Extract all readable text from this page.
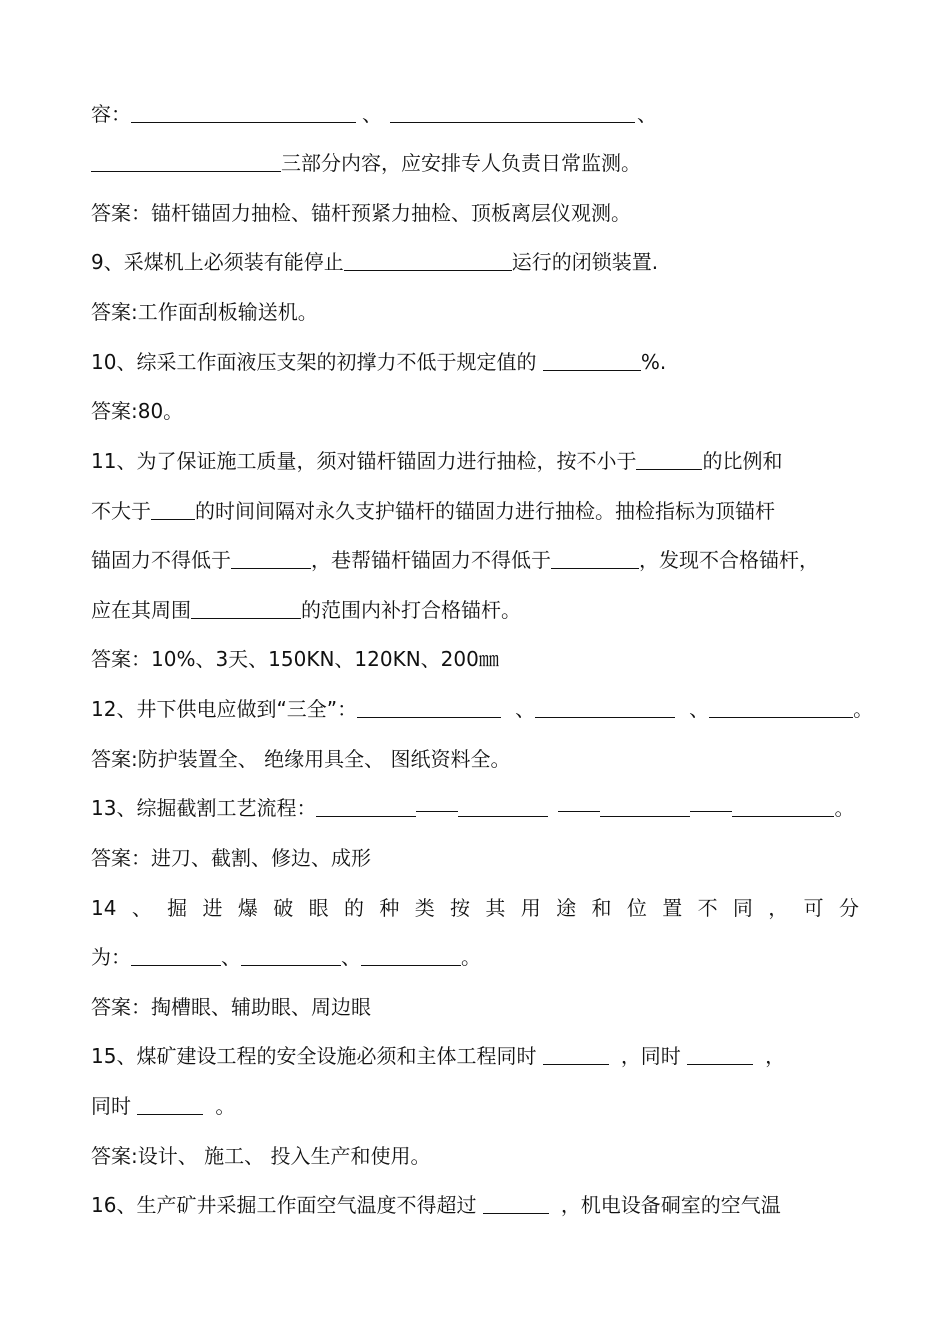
容：	、	、
三部分内容，应安排专人负责日常监测。
答案：锚杆锚固力抽检、锚杆预紧力抽检、顶板离层仪观测。
9、采煤机上必须装有能停止	运行的闭锁装置.
答案:工作面刮板输送机。
10、综采工作面液压支架的初撑力不低于规定值的	%.
答案:80。
11、为了保证施工质量，须对锚杆锚固力进行抽检，按不小于	的比例和
不大于 的时间间隔对永久支护锚杆的锚固力进行抽检。抽检指标为顶锚杆
锚固力不得低于	，巷帮锚杆锚固力不得低于	，发现不合格锚杆，
应在其周围	的范围内补打合格锚杆。
答案：10%、3天、150KN、120KN、200㎜
12、井下供电应做到“三全”：	、	、	。
答案:防护装置全、 绝缘用具全、 图纸资料全。
13、综掘截割工艺流程：	。
答案：进刀、截割、修边、成形
14 、 掘 进 爆 破 眼 的 种 类 按 其 用 途 和 位 置 不 同 ， 可 分
为：	、	、	。
答案：掏槽眼、辅助眼、周边眼
15、煤矿建设工程的安全设施必须和主体工程同时	，同时	，
同时	。
答案:设计、 施工、 投入生产和使用。
16、生产矿井采掘工作面空气温度不得超过	，机电设备硐室的空气温
